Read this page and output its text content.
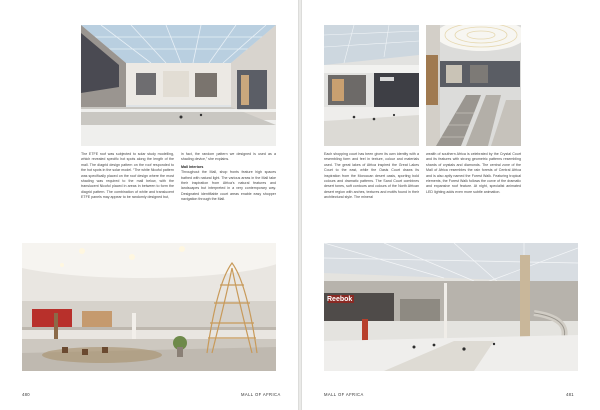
The ETFE roof was subjected to solar study modelling, which revealed specific hot spots along the length of the mall. The diagrid design pattern on the roof responded to the hot spots in the solar model. “The white Nicofol pattern was specifically placed on the roof design where the most shading was required to the mall below, with the translucent Nicofol placed in areas in between to form the diagrid pattern. The combination of white and translucent ETFE panels may appear to be randomly designed but,

in fact, the random pattern we designed is used as a shading device,” she explains.

Mall Interiors

Throughout the Mall, shop fronts feature high spaces bathed with natural light. The various areas in the Mall take their inspiration from Africa’s natural features and landscapes but interpreted in a very contemporary way. Designated identifiable court areas enable easy shopper navigation through the Mall.

480	MALL OF AFRICA

Each shopping court has been given its own identity with a resembling form and feel in texture, colour and materials used. The great lakes of Africa inspired the Great Lakes Court to the east, while the Oasis Court draws its inspiration from the Moroccan desert oasis, sporting bold colours and dramatic patterns. The Sand Court combines desert tones, soft contours and colours of the North African desert region with arches, textures and motifs found in their architectural style. The mineral

wealth of southern Africa is celebrated by the Crystal Court and its features with strong geometric patterns resembling shards of crystals and diamonds. The central zone of the Mall of Africa resembles the rain forests of Central Africa and is also aptly named the Forest Walk. Featuring tropical elements, the Forest Walk follows the curve of the dramatic and expansive roof feature. At night, specialist animated LED lighting adds even more subtle animation.

Reebok
MALL OF AFRICA	481
